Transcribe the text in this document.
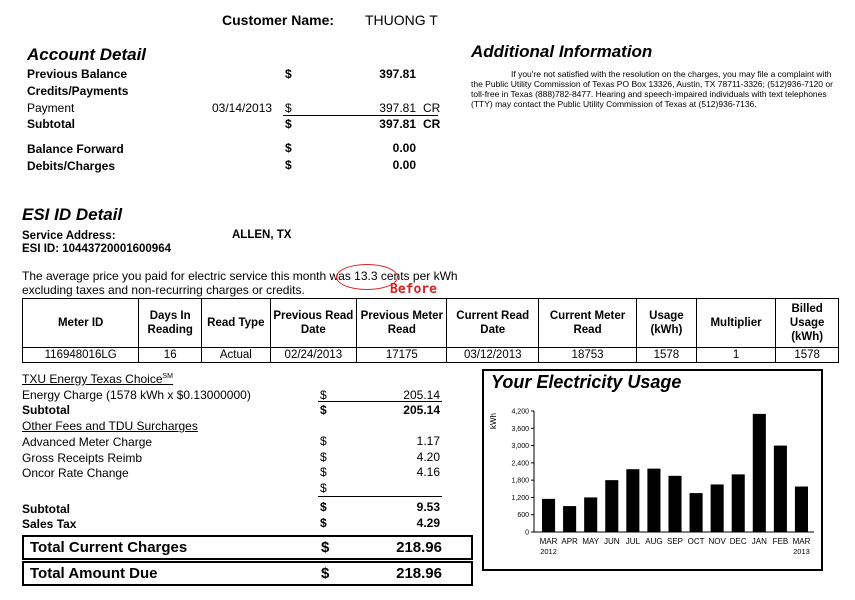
Customer Name: THUONG T
Account Detail
Previous Balance	$	397.81
Credits/Payments
Payment	03/14/2013 $	397.81 CR
Subtotal	$	397.81 CR
Balance Forward	$	0.00
Debits/Charges	$	0.00
Additional Information
If you're not satisfied with the resolution on the charges, you may file a complaint with the Public Utility Commission of Texas PO Box 13326, Austin, TX 78711-3326; (512)936-7120 or toll-free in Texas (888)782-8477. Hearing and speech-impaired individuals with text telephones (TTY) may contact the Public Utility Commission of Texas at (512)936-7136.
ESI ID Detail
Service Address:	ALLEN, TX
ESI ID: 10443720001600964
The average price you paid for electric service this month was 13.3 cents per kWh
excluding taxes and non-recurring charges or credits.	Before
Meter ID	Days In Reading	Read Type	Previous Read Date	Previous Meter Read	Current Read Date	Current Meter Read	Usage (kWh)	Multiplier	Billed Usage (kWh)
116948016LG	16	Actual	02/24/2013	17175	03/12/2013	18753	1578	1	1578
TXU Energy Texas Choice℠
Energy Charge (1578 kWh x $0.13000000)	$	205.14
Subtotal	$	205.14
Other Fees and TDU Surcharges
Advanced Meter Charge	$	1.17
Gross Receipts Reimb	$	4.20
Oncor Rate Change	$	4.16
$
Subtotal	$	9.53
Sales Tax	$	4.29
Total Current Charges	$	218.96
Total Amount Due	$	218.96
Your Electricity Usage
kWh
0
600
1,200
1,800
2,400
3,000
3,600
4,200
MAR APR MAY JUN JUL AUG SEP OCT NOV DEC JAN FEB MAR
2012	2013
